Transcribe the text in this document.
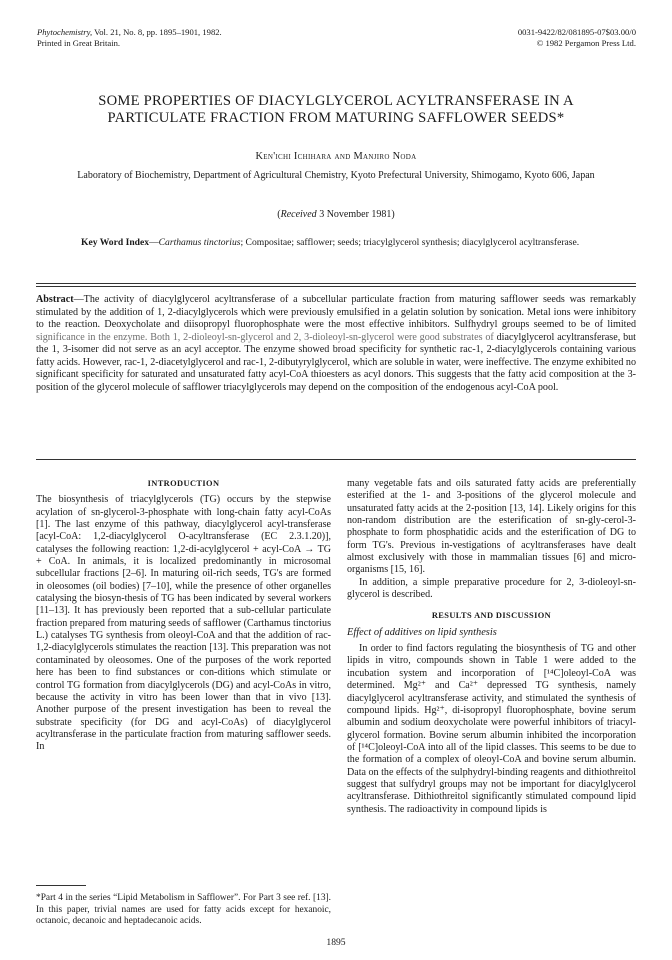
Phytochemistry, Vol. 21, No. 8, pp. 1895–1901, 1982.
Printed in Great Britain.
0031-9422/82/081895-07$03.00/0
© 1982 Pergamon Press Ltd.
SOME PROPERTIES OF DIACYLGLYCEROL ACYLTRANSFERASE IN A
PARTICULATE FRACTION FROM MATURING SAFFLOWER SEEDS*
Ken'ichi Ichihara and Manjiro Noda
Laboratory of Biochemistry, Department of Agricultural Chemistry, Kyoto Prefectural University, Shimogamo, Kyoto 606, Japan
(Received 3 November 1981)
Key Word Index—Carthamus tinctorius; Compositae; safflower; seeds; triacylglycerol synthesis; diacylglycerol acyltransferase.
Abstract—The activity of diacylglycerol acyltransferase of a subcellular particulate fraction from maturing safflower seeds was remarkably stimulated by the addition of 1, 2-diacylglycerols which were previously emulsified in a gelatin solution by sonication. Metal ions were inhibitory to the reaction. Deoxycholate and diisopropyl fluorophosphate were the most effective inhibitors. Sulfhydryl groups seemed to be of limited significance in the enzyme. Both 1, 2-dioleoyl-sn-glycerol and 2, 3-dioleoyl-sn-glycerol were good substrates of diacylglycerol acyltransferase, but the 1, 3-isomer did not serve as an acyl acceptor. The enzyme showed broad specificity for synthetic rac-1, 2-diacylglycerols containing various fatty acids. However, rac-1, 2-diacetylglycerol and rac-1, 2-dibutyrylglycerol, which are soluble in water, were ineffective. The enzyme exhibited no significant specificity for saturated and unsaturated fatty acyl-CoA thioesters as acyl donors. This suggests that the fatty acid composition at the 3-position of the glycerol molecule of safflower triacylglycerols may depend on the composition of the endogenous acyl-CoA pool.
INTRODUCTION

The biosynthesis of triacylglycerols (TG) occurs by the stepwise acylation of sn-glycerol-3-phosphate with long-chain fatty acyl-CoAs [1]. The last enzyme of this pathway, diacylglycerol acyl-transferase [acyl-CoA: 1,2-diacylglycerol O-acyltransferase (EC 2.3.1.20)], catalyses the following reaction: 1,2-di-acylglycerol + acyl-CoA → TG + CoA. In animals, it is localized predominantly in microsomal subcellular fractions [2–6]. In maturing oil-rich seeds, TG's are formed in oleosomes (oil bodies) [7–10], while the presence of other organelles catalysing the biosyn-thesis of TG has been indicated by several workers [11–13]. It has previously been reported that a sub-cellular particulate fraction prepared from maturing seeds of safflower (Carthamus tinctorius L.) catalyses TG synthesis from oleoyl-CoA and that the addition of rac-1,2-diacylglycerols stimulates the reaction [13]. This preparation was not contaminated by oleosomes. One of the purposes of the work reported here has been to find substances or con-ditions which stimulate or control TG formation from diacylglycerols (DG) and acyl-CoAs in vitro, because the activity in vitro has been lower than that in vivo [13]. Another purpose of the present investigation has been to reveal the substrate specificity (for DG and acyl-CoAs) of diacylglycerol acyltransferase in the particulate fraction from maturing safflower seeds. In

many vegetable fats and oils saturated fatty acids are preferentially esterified at the 1- and 3-positions of the glycerol molecule and unsaturated fatty acids at the 2-position [13, 14]. Likely origins for this non-random distribution are the esterification of sn-gly-cerol-3-phosphate to form phosphatidic acids and the esterification of DG to form TG's. Previous in-vestigations of acyltransferases have dealt almost exclusively with those in mammalian tissues [6] and micro-organisms [15, 16].

In addition, a simple preparative procedure for 2, 3-dioleoyl-sn-glycerol is described.

RESULTS AND DISCUSSION
Effect of additives on lipid synthesis

In order to find factors regulating the biosynthesis of TG and other lipids in vitro, compounds shown in Table 1 were added to the incubation system and incorporation of [¹⁴C]oleoyl-CoA was determined. Mg²⁺ and Ca²⁺ depressed TG synthesis, namely diacylglycerol acyltransferase activity, and stimulated the synthesis of compound lipids. Hg²⁺, di-isopropyl fluorophosphate, bovine serum albumin and sodium deoxycholate were powerful inhibitors of triacyl-glycerol formation. Bovine serum albumin inhibited the incorporation of [¹⁴C]oleoyl-CoA into all of the lipid classes. This seems to be due to the formation of a complex of oleoyl-CoA and bovine serum albumin. Data on the effects of the sulphydryl-binding reagents and dithiothreitol suggest that sulfydryl groups may not be important for diacylglycerol acyltransferase. Dithiothreitol significantly stimulated compound lipid synthesis. The radioactivity in compound lipids is

*Part 4 in the series “Lipid Metabolism in Safflower”. For Part 3 see ref. [13]. In this paper, trivial names are used for fatty acids except for hexanoic, octanoic, decanoic and heptadecanoic acids.
1895
